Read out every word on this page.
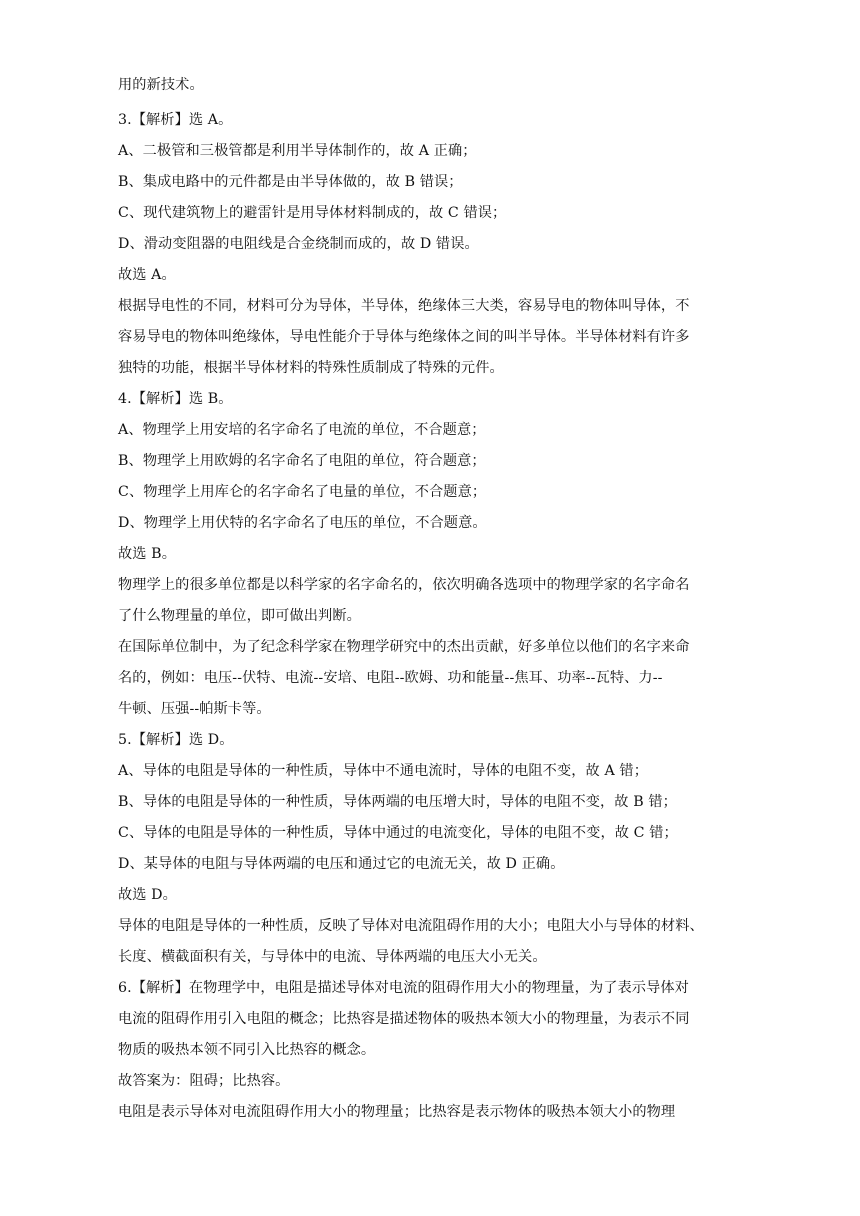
用的新技术。
3.【解析】选 A。
A、二极管和三极管都是利用半导体制作的，故 A 正确；
B、集成电路中的元件都是由半导体做的，故 B 错误；
C、现代建筑物上的避雷针是用导体材料制成的，故 C 错误；
D、滑动变阻器的电阻线是合金绕制而成的，故 D 错误。
故选 A。
根据导电性的不同，材料可分为导体，半导体，绝缘体三大类，容易导电的物体叫导体，不
容易导电的物体叫绝缘体，导电性能介于导体与绝缘体之间的叫半导体。半导体材料有许多
独特的功能，根据半导体材料的特殊性质制成了特殊的元件。
4.【解析】选 B。
A、物理学上用安培的名字命名了电流的单位，不合题意；
B、物理学上用欧姆的名字命名了电阻的单位，符合题意；
C、物理学上用库仑的名字命名了电量的单位，不合题意；
D、物理学上用伏特的名字命名了电压的单位，不合题意。
故选 B。
物理学上的很多单位都是以科学家的名字命名的，依次明确各选项中的物理学家的名字命名
了什么物理量的单位，即可做出判断。
在国际单位制中，为了纪念科学家在物理学研究中的杰出贡献，好多单位以他们的名字来命
名的，例如：电压--伏特、电流--安培、电阻--欧姆、功和能量--焦耳、功率--瓦特、力--
牛顿、压强--帕斯卡等。
5.【解析】选 D。
A、导体的电阻是导体的一种性质，导体中不通电流时，导体的电阻不变，故 A 错；
B、导体的电阻是导体的一种性质，导体两端的电压增大时，导体的电阻不变，故 B 错；
C、导体的电阻是导体的一种性质，导体中通过的电流变化，导体的电阻不变，故 C 错；
D、某导体的电阻与导体两端的电压和通过它的电流无关，故 D 正确。
故选 D。
导体的电阻是导体的一种性质，反映了导体对电流阻碍作用的大小；电阻大小与导体的材料、
长度、横截面积有关，与导体中的电流、导体两端的电压大小无关。
6.【解析】在物理学中，电阻是描述导体对电流的阻碍作用大小的物理量，为了表示导体对
电流的阻碍作用引入电阻的概念；比热容是描述物体的吸热本领大小的物理量，为表示不同
物质的吸热本领不同引入比热容的概念。
故答案为：阻碍；比热容。
电阻是表示导体对电流阻碍作用大小的物理量；比热容是表示物体的吸热本领大小的物理
